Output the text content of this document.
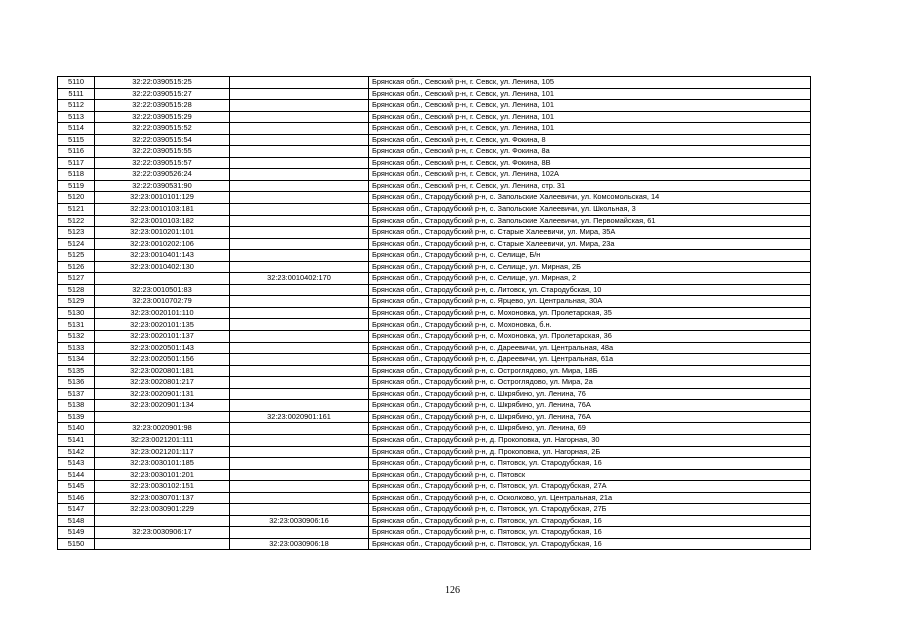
5110	32:22:0390515:25		Брянская обл., Севский р-н, г. Севск, ул. Ленина, 105
5111	32:22:0390515:27		Брянская обл., Севский р-н, г. Севск, ул. Ленина, 101
5112	32:22:0390515:28		Брянская обл., Севский р-н, г. Севск, ул. Ленина, 101
5113	32:22:0390515:29		Брянская обл., Севский р-н, г. Севск, ул. Ленина, 101
5114	32:22:0390515:52		Брянская обл., Севский р-н, г. Севск, ул. Ленина, 101
5115	32:22:0390515:54		Брянская обл., Севский р-н, г. Севск, ул. Фокина, 8
5116	32:22:0390515:55		Брянская обл., Севский р-н, г. Севск, ул. Фокина, 8а
5117	32:22:0390515:57		Брянская обл., Севский р-н, г. Севск, ул. Фокина, 8В
5118	32:22:0390526:24		Брянская обл., Севский р-н, г. Севск, ул. Ленина, 102А
5119	32:22:0390531:90		Брянская обл., Севский р-н, г. Севск, ул. Ленина, стр. 31
5120	32:23:0010101:129		Брянская обл., Стародубский р-н, с. Запольские Халеевичи, ул. Комсомольская, 14
5121	32:23:0010103:181		Брянская обл., Стародубский р-н, с. Запольские Халеевичи, ул. Школьная, 3
5122	32:23:0010103:182		Брянская обл., Стародубский р-н, с. Запольские Халеевичи, ул. Первомайская, 61
5123	32:23:0010201:101		Брянская обл., Стародубский р-н, с. Старые Халеевичи, ул. Мира, 35А
5124	32:23:0010202:106		Брянская обл., Стародубский р-н, с. Старые Халеевичи, ул. Мира, 23а
5125	32:23:0010401:143		Брянская обл., Стародубский р-н, с. Селище, Б/н
5126	32:23:0010402:130		Брянская обл., Стародубский р-н, с. Селище, ул. Мирная, 2Б
5127		32:23:0010402:170	Брянская обл., Стародубский р-н, с. Селище, ул. Мирная, 2
5128	32:23:0010501:83		Брянская обл., Стародубский р-н, с. Литовск, ул. Стародубская, 10
5129	32:23:0010702:79		Брянская обл., Стародубский р-н, с. Ярцево, ул. Центральная, 30А
5130	32:23:0020101:110		Брянская обл., Стародубский р-н, с. Мохоновка, ул. Пролетарская, 35
5131	32:23:0020101:135		Брянская обл., Стародубский р-н, с. Мохоновка, б.н.
5132	32:23:0020101:137		Брянская обл., Стародубский р-н, с. Мохоновка, ул. Пролетарская, 36
5133	32:23:0020501:143		Брянская обл., Стародубский р-н, с. Дареевичи, ул. Центральная, 48а
5134	32:23:0020501:156		Брянская обл., Стародубский р-н, с. Дареевичи, ул. Центральная, 61а
5135	32:23:0020801:181		Брянская обл., Стародубский р-н, с. Остроглядово, ул. Мира, 18Б
5136	32:23:0020801:217		Брянская обл., Стародубский р-н, с. Остроглядово, ул. Мира, 2а
5137	32:23:0020901:131		Брянская обл., Стародубский р-н, с. Шкрябино, ул. Ленина, 76
5138	32:23:0020901:134		Брянская обл., Стародубский р-н, с. Шкрябино, ул. Ленина, 76А
5139		32:23:0020901:161	Брянская обл., Стародубский р-н, с. Шкрябино, ул. Ленина, 76А
5140	32:23:0020901:98		Брянская обл., Стародубский р-н, с. Шкрябино, ул. Ленина, 69
5141	32:23:0021201:111		Брянская обл., Стародубский р-н, д. Прокоповка, ул. Нагорная, 30
5142	32:23:0021201:117		Брянская обл., Стародубский р-н, д. Прокоповка, ул. Нагорная, 2Б
5143	32:23:0030101:185		Брянская обл., Стародубский р-н, с. Пятовск, ул. Стародубская, 16
5144	32:23:0030101:201		Брянская обл., Стародубский р-н, с. Пятовск
5145	32:23:0030102:151		Брянская обл., Стародубский р-н, с. Пятовск, ул. Стародубская, 27А
5146	32:23:0030701:137		Брянская обл., Стародубский р-н, с. Осколково, ул. Центральная, 21а
5147	32:23:0030901:229		Брянская обл., Стародубский р-н, с. Пятовск, ул. Стародубская, 27Б
5148		32:23:0030906:16	Брянская обл., Стародубский р-н, с. Пятовск, ул. Стародубская, 16
5149	32:23:0030906:17		Брянская обл., Стародубский р-н, с. Пятовск, ул. Стародубская, 16
5150		32:23:0030906:18	Брянская обл., Стародубский р-н, с. Пятовск, ул. Стародубская, 16
126
